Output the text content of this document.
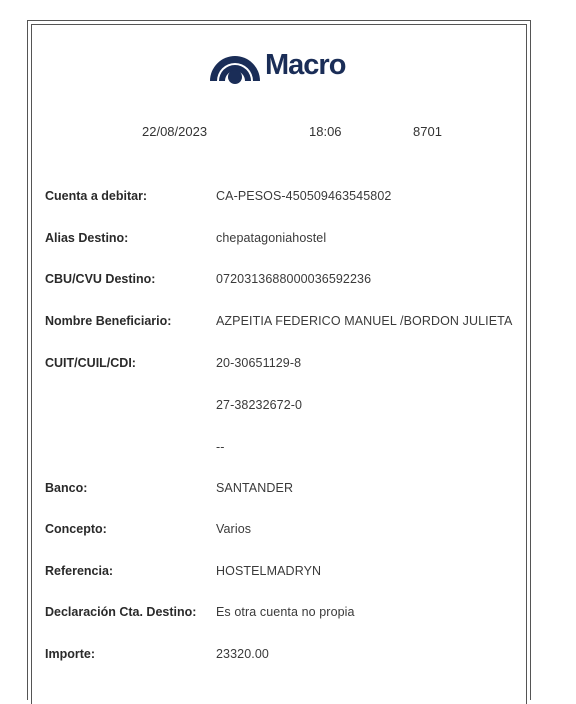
Macro
22/08/2023	18:06	8701
Cuenta a debitar:	CA-PESOS-450509463545802
Alias Destino:	chepatagoniahostel
CBU/CVU Destino:	0720313688000036592236
Nombre Beneficiario:	AZPEITIA FEDERICO MANUEL /BORDON JULIETA
CUIT/CUIL/CDI:	20-30651129-8
27-38232672-0
--
Banco:	SANTANDER
Concepto:	Varios
Referencia:	HOSTELMADRYN
Declaración Cta. Destino: Es otra cuenta no propia
Importe:	23320.00
